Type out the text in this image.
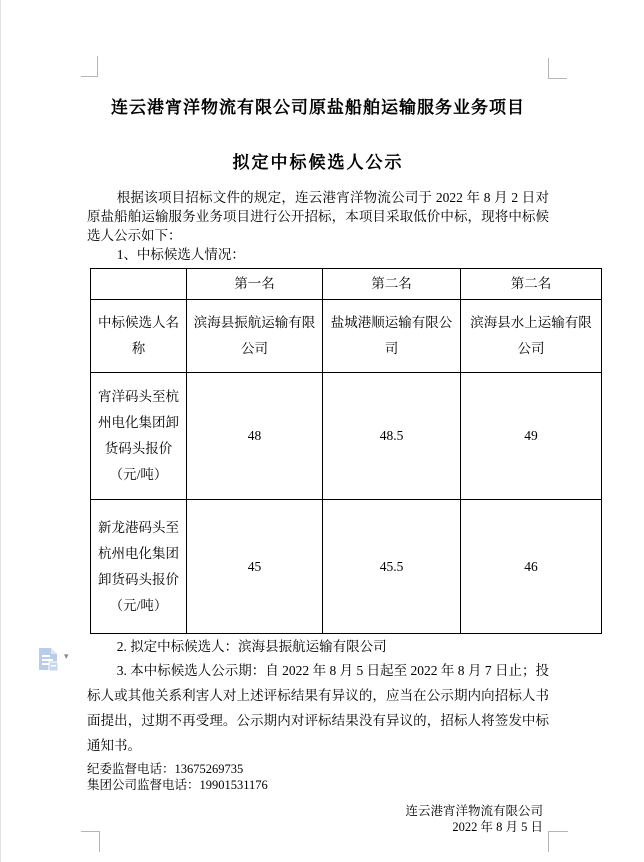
▾
连云港宵洋物流有限公司原盐船舶运输服务业务项目
拟定中标候选人公示

根据该项目招标文件的规定，连云港宵洋物流公司于 2022 年 8 月 2 日对原盐船舶运输服务业务项目进行公开招标，本项目采取低价中标，现将中标候选人公示如下：

1、中标候选人情况：

	第一名	第二名	第二名
中标候选人名称	滨海县振航运输有限公司	盐城港顺运输有限公司	滨海县水上运输有限公司
宵洋码头至杭州电化集团卸货码头报价（元/吨）	48	48.5	49
新龙港码头至杭州电化集团卸货码头报价（元/吨）	45	45.5	46

2. 拟定中标候选人：滨海县振航运输有限公司

3. 本中标候选人公示期：自 2022 年 8 月 5 日起至 2022 年 8 月 7 日止；投标人或其他关系利害人对上述评标结果有异议的，应当在公示期内向招标人书面提出，过期不再受理。公示期内对评标结果没有异议的，招标人将签发中标通知书。

纪委监督电话：13675269735

集团公司监督电话：19901531176

连云港宵洋物流有限公司

2022 年 8 月 5 日
